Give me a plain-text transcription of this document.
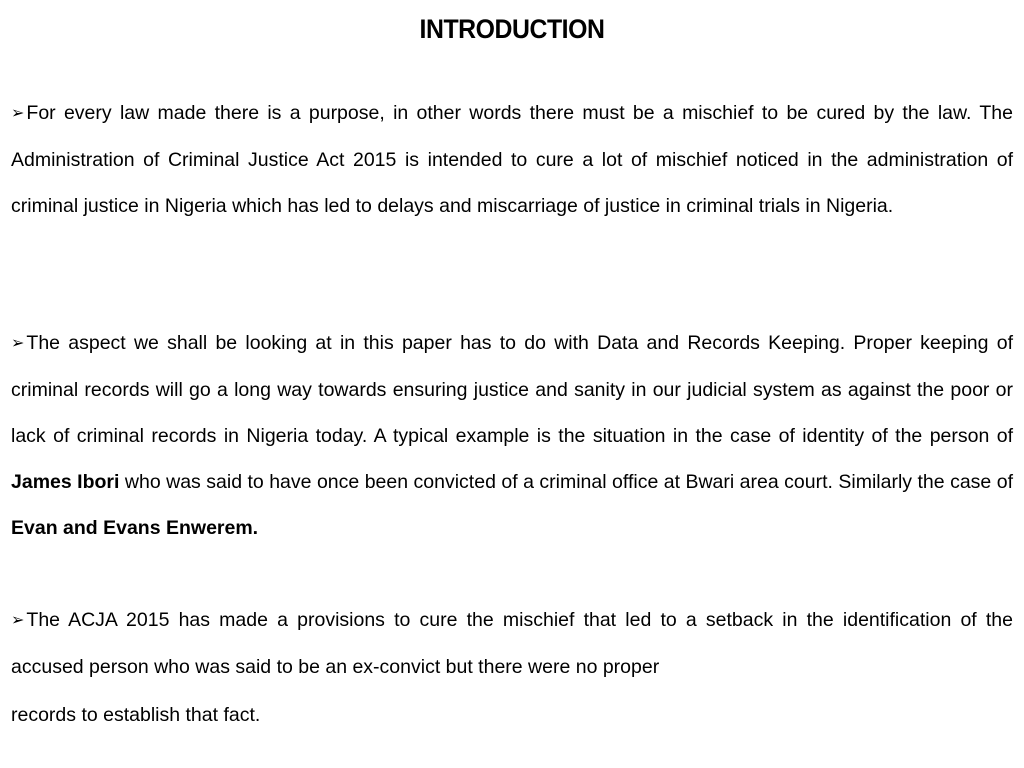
INTRODUCTION
➢ For every law made there is a purpose, in other words there must be a mischief to be cured by the law. The Administration of Criminal Justice Act 2015 is intended to cure a lot of mischief noticed in the administration of criminal justice in Nigeria which has led to delays and miscarriage of justice in criminal trials in Nigeria.
➢ The aspect we shall be looking at in this paper has to do with Data and Records Keeping. Proper keeping of criminal records will go a long way towards ensuring justice and sanity in our judicial system as against the poor or lack of criminal records in Nigeria today. A typical example is the situation in the case of identity of the person of James Ibori who was said to have once been convicted of a criminal office at Bwari area court. Similarly the case of Evan and Evans Enwerem.
➢ The ACJA 2015 has made a provisions to cure the mischief that led to a setback in the identification of the accused person who was said to be an ex-convict but there were no proper
records to establish that fact.
